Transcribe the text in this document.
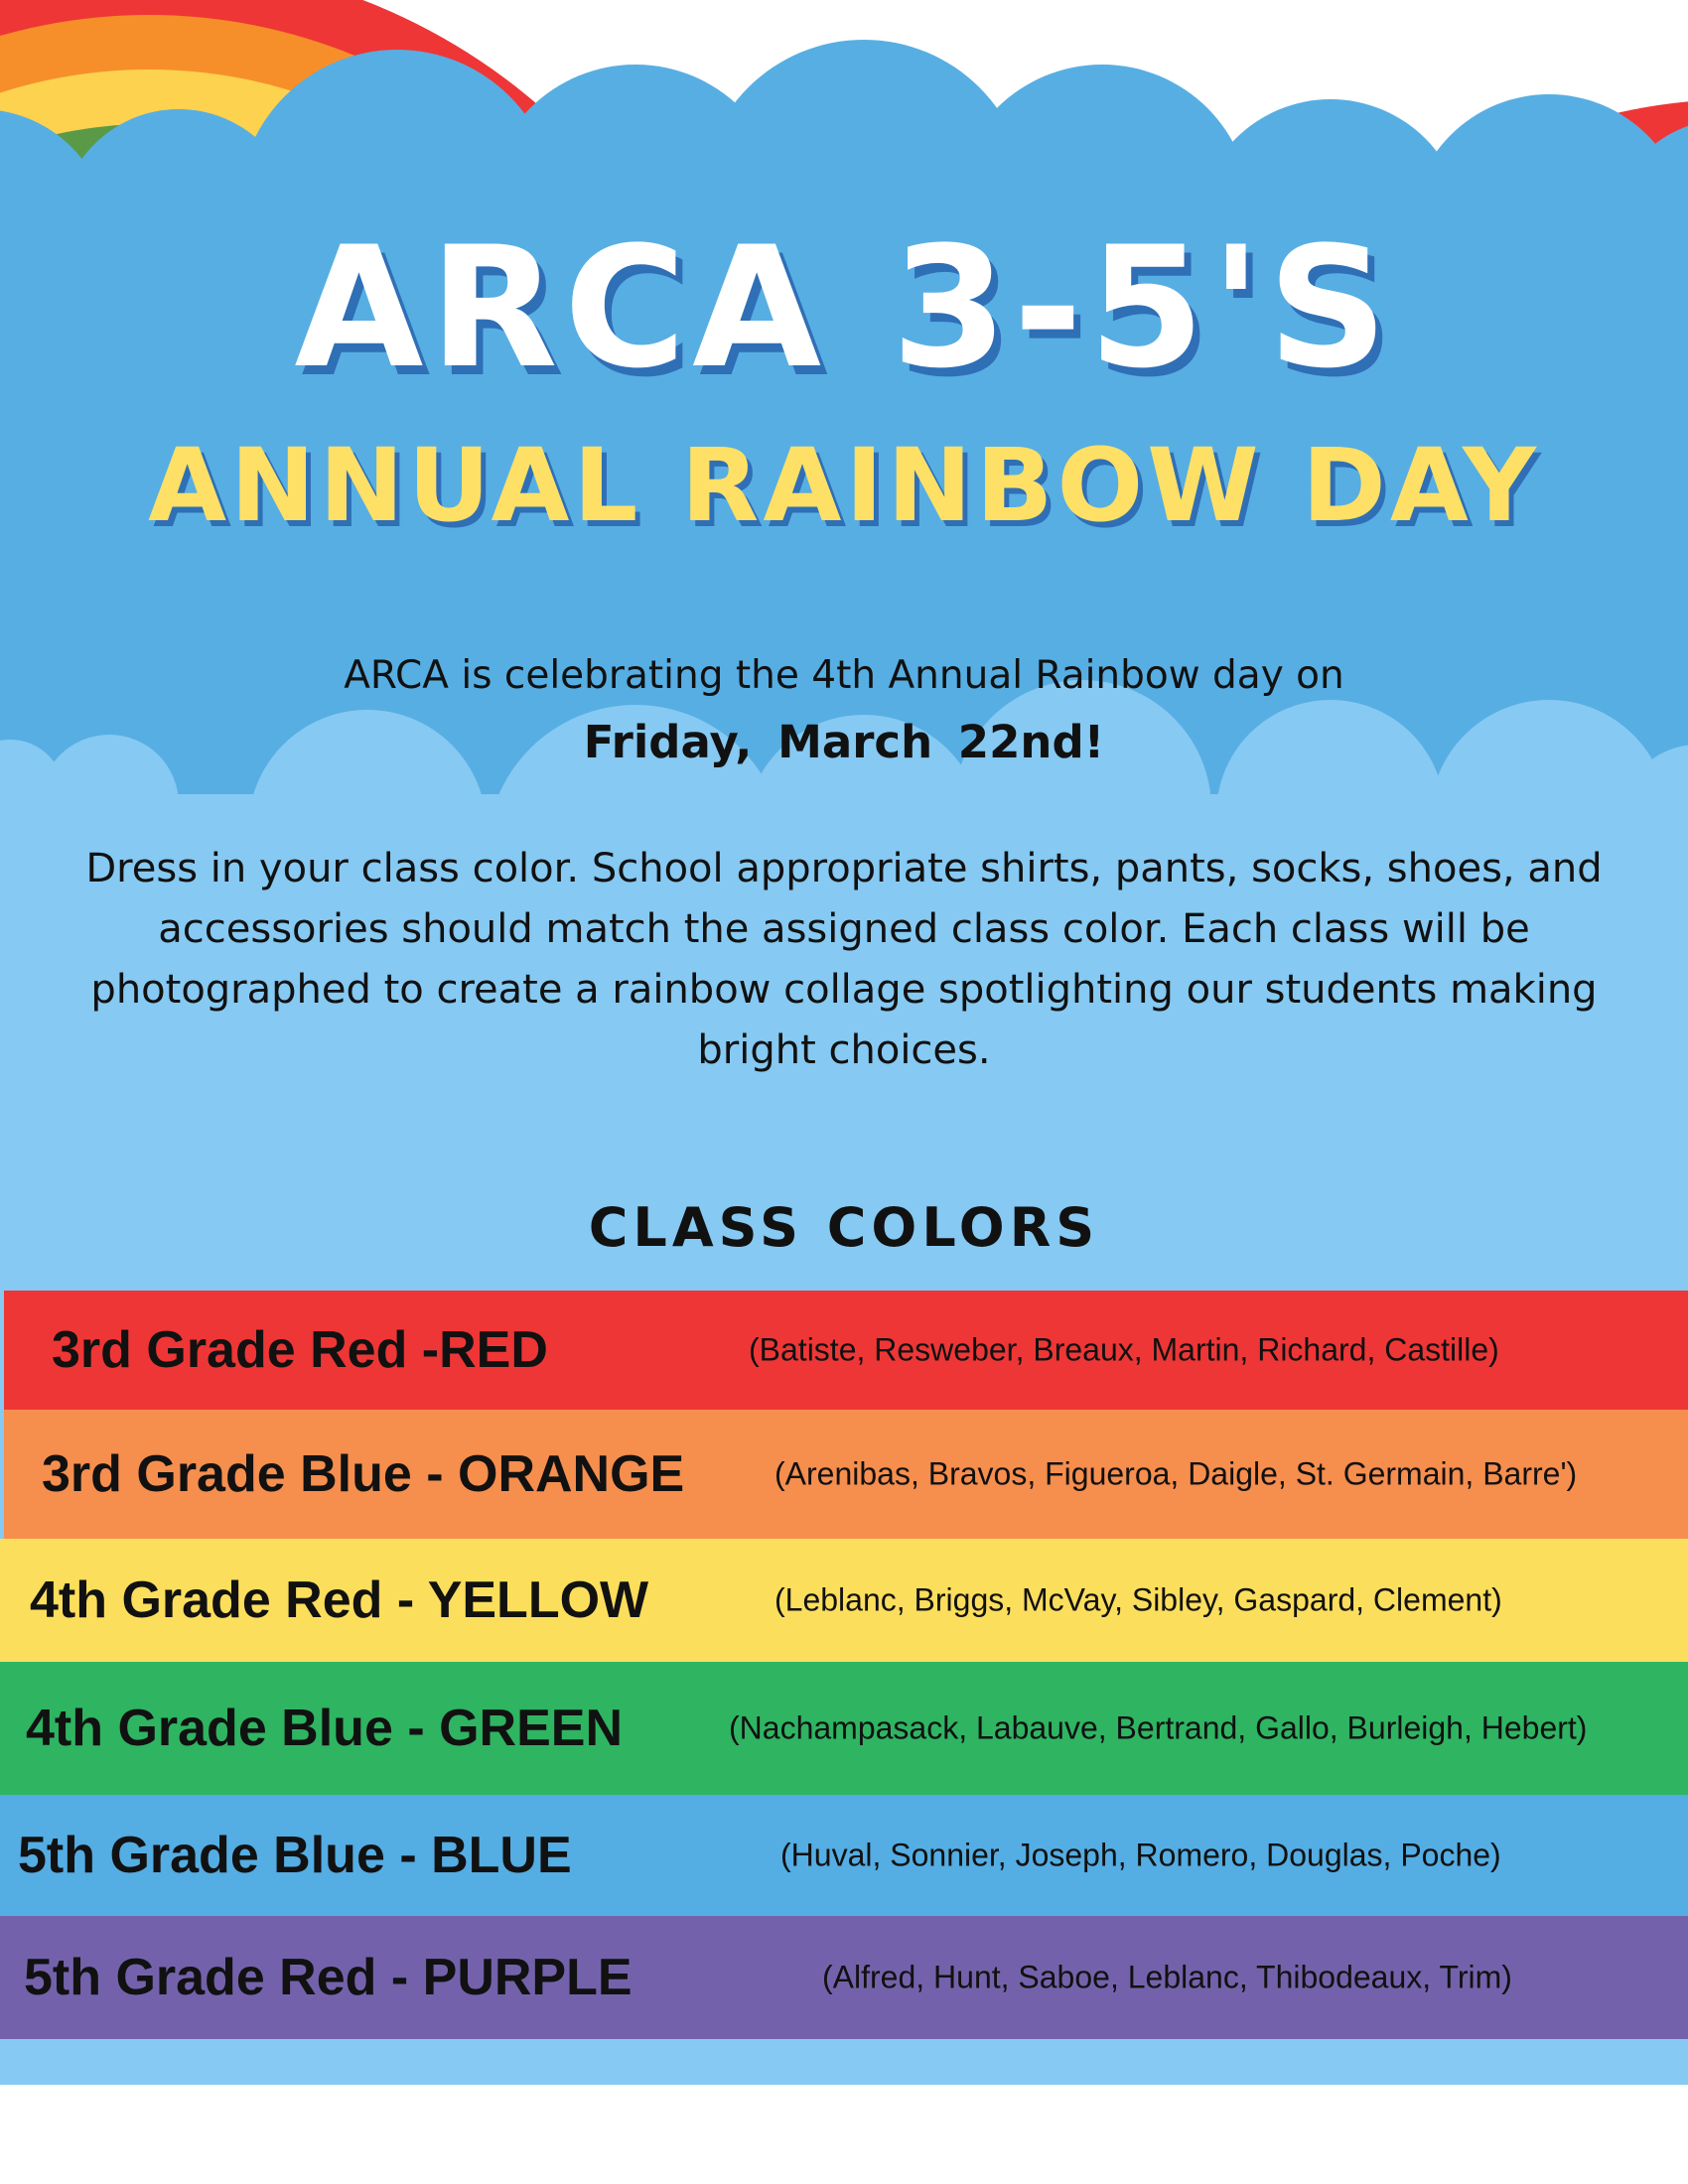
ARCA 3-5'S
ANNUAL RAINBOW DAY
ARCA is celebrating the 4th Annual Rainbow day on
Friday, March 22nd!
Dress in your class color. School appropriate shirts, pants, socks, shoes, and accessories should match the assigned class color. Each class will be photographed to create a rainbow collage spotlighting our students making bright choices.
CLASS COLORS
3rd Grade Red -RED	(Batiste, Resweber, Breaux, Martin, Richard, Castille)
3rd Grade Blue - ORANGE	(Arenibas, Bravos, Figueroa, Daigle, St. Germain, Barre')
4th Grade Red - YELLOW	(Leblanc, Briggs, McVay, Sibley, Gaspard, Clement)
4th Grade Blue - GREEN	(Nachampasack, Labauve, Bertrand, Gallo, Burleigh, Hebert)
5th Grade Blue - BLUE	(Huval, Sonnier, Joseph, Romero, Douglas, Poche)
5th Grade Red - PURPLE	(Alfred, Hunt, Saboe, Leblanc, Thibodeaux, Trim)
